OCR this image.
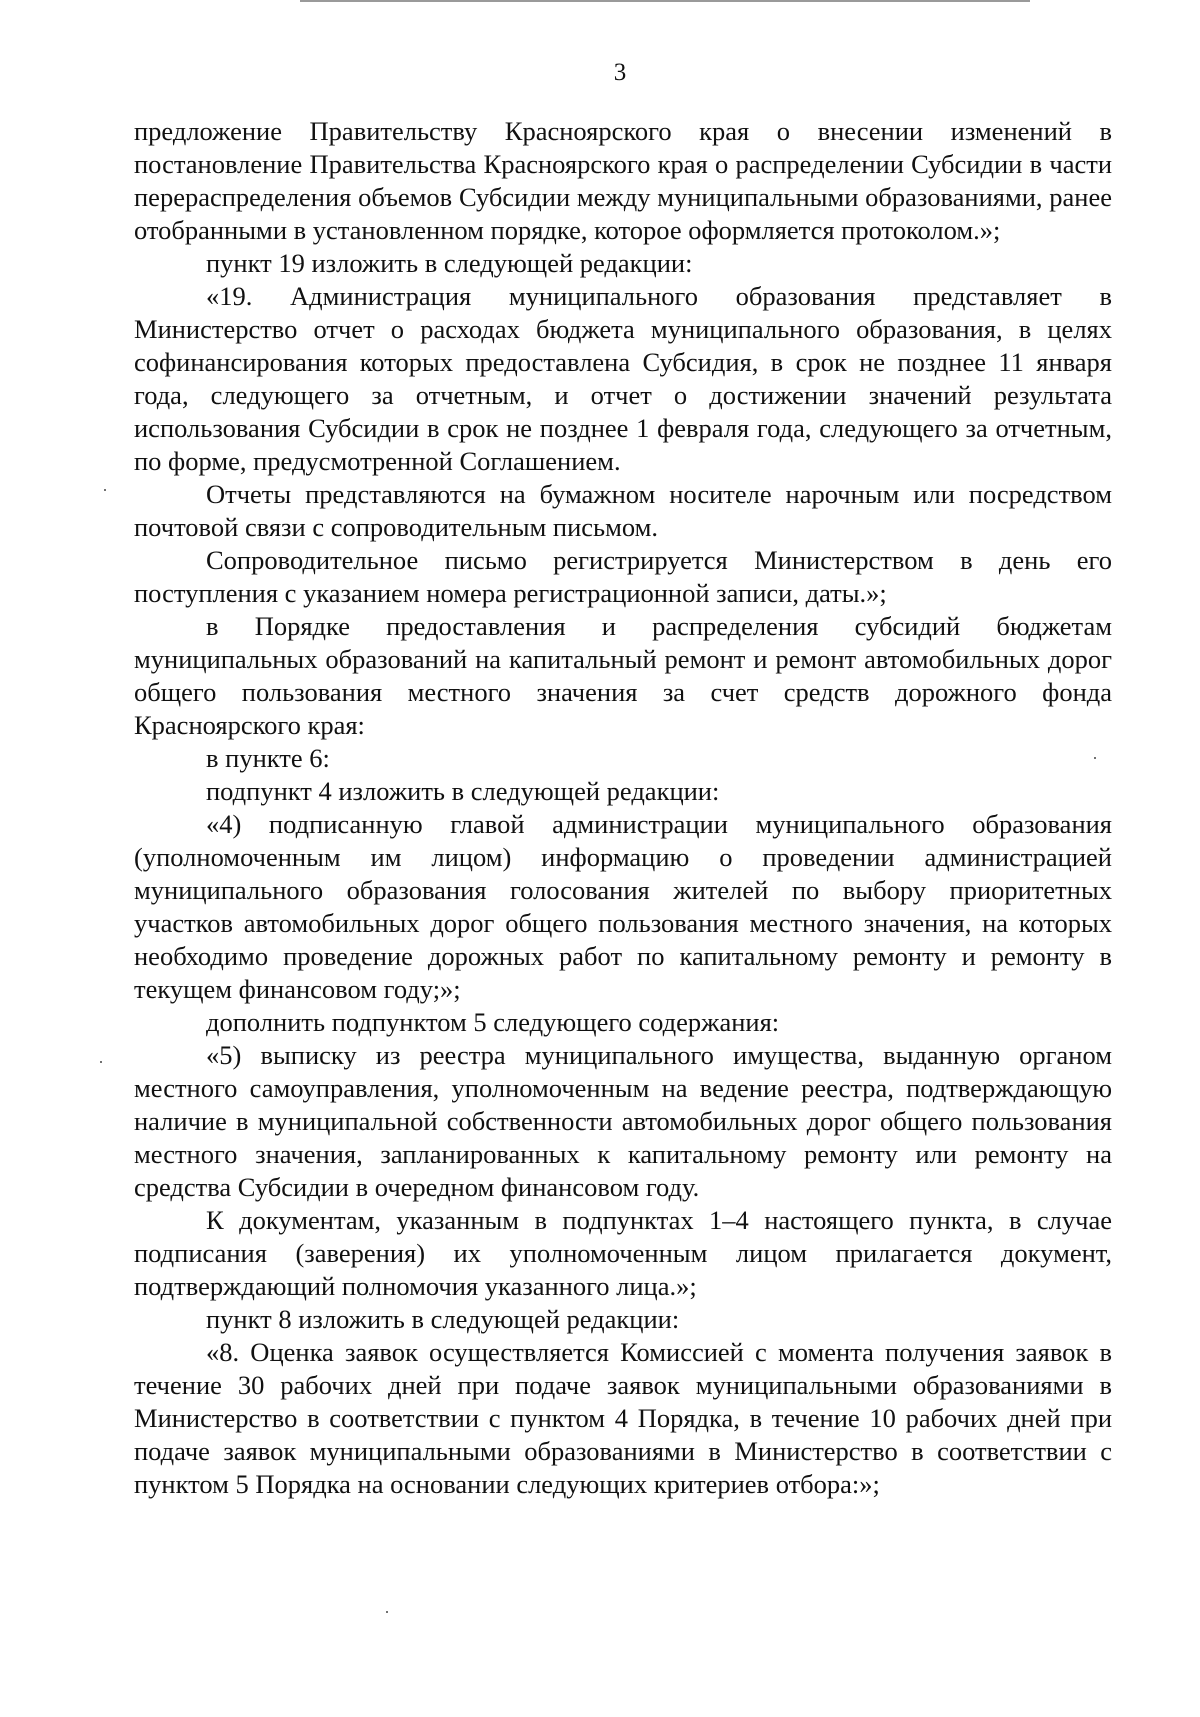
3

предложение Правительству Красноярского края о внесении изменений в постановление Правительства Красноярского края о распределении Субсидии в части перераспределения объемов Субсидии между муниципальными образованиями, ранее отобранными в установленном порядке, которое оформляется протоколом.»;

пункт 19 изложить в следующей редакции:

«19. Администрация муниципального образования представляет в Министерство отчет о расходах бюджета муниципального образования, в целях софинансирования которых предоставлена Субсидия, в срок не позднее 11 января года, следующего за отчетным, и отчет о достижении значений результата использования Субсидии в срок не позднее 1 февраля года, следующего за отчетным, по форме, предусмотренной Соглашением.

Отчеты представляются на бумажном носителе нарочным или посредством почтовой связи с сопроводительным письмом.

Сопроводительное письмо регистрируется Министерством в день его поступления с указанием номера регистрационной записи, даты.»;

в Порядке предоставления и распределения субсидий бюджетам муниципальных образований на капитальный ремонт и ремонт автомобильных дорог общего пользования местного значения за счет средств дорожного фонда Красноярского края:

в пункте 6:

подпункт 4 изложить в следующей редакции:

«4) подписанную главой администрации муниципального образования (уполномоченным им лицом) информацию о проведении администрацией муниципального образования голосования жителей по выбору приоритетных участков автомобильных дорог общего пользования местного значения, на которых необходимо проведение дорожных работ по капитальному ремонту и ремонту в текущем финансовом году;»;

дополнить подпунктом 5 следующего содержания:

«5) выписку из реестра муниципального имущества, выданную органом местного самоуправления, уполномоченным на ведение реестра, подтверждающую наличие в муниципальной собственности автомобильных дорог общего пользования местного значения, запланированных к капитальному ремонту или ремонту на средства Субсидии в очередном финансовом году.

К документам, указанным в подпунктах 1–4 настоящего пункта, в случае подписания (заверения) их уполномоченным лицом прилагается документ, подтверждающий полномочия указанного лица.»;

пункт 8 изложить в следующей редакции:

«8. Оценка заявок осуществляется Комиссией с момента получения заявок в течение 30 рабочих дней при подаче заявок муниципальными образованиями в Министерство в соответствии с пунктом 4 Порядка, в течение 10 рабочих дней при подаче заявок муниципальными образованиями в Министерство в соответствии с пунктом 5 Порядка на основании следующих критериев отбора:»;
